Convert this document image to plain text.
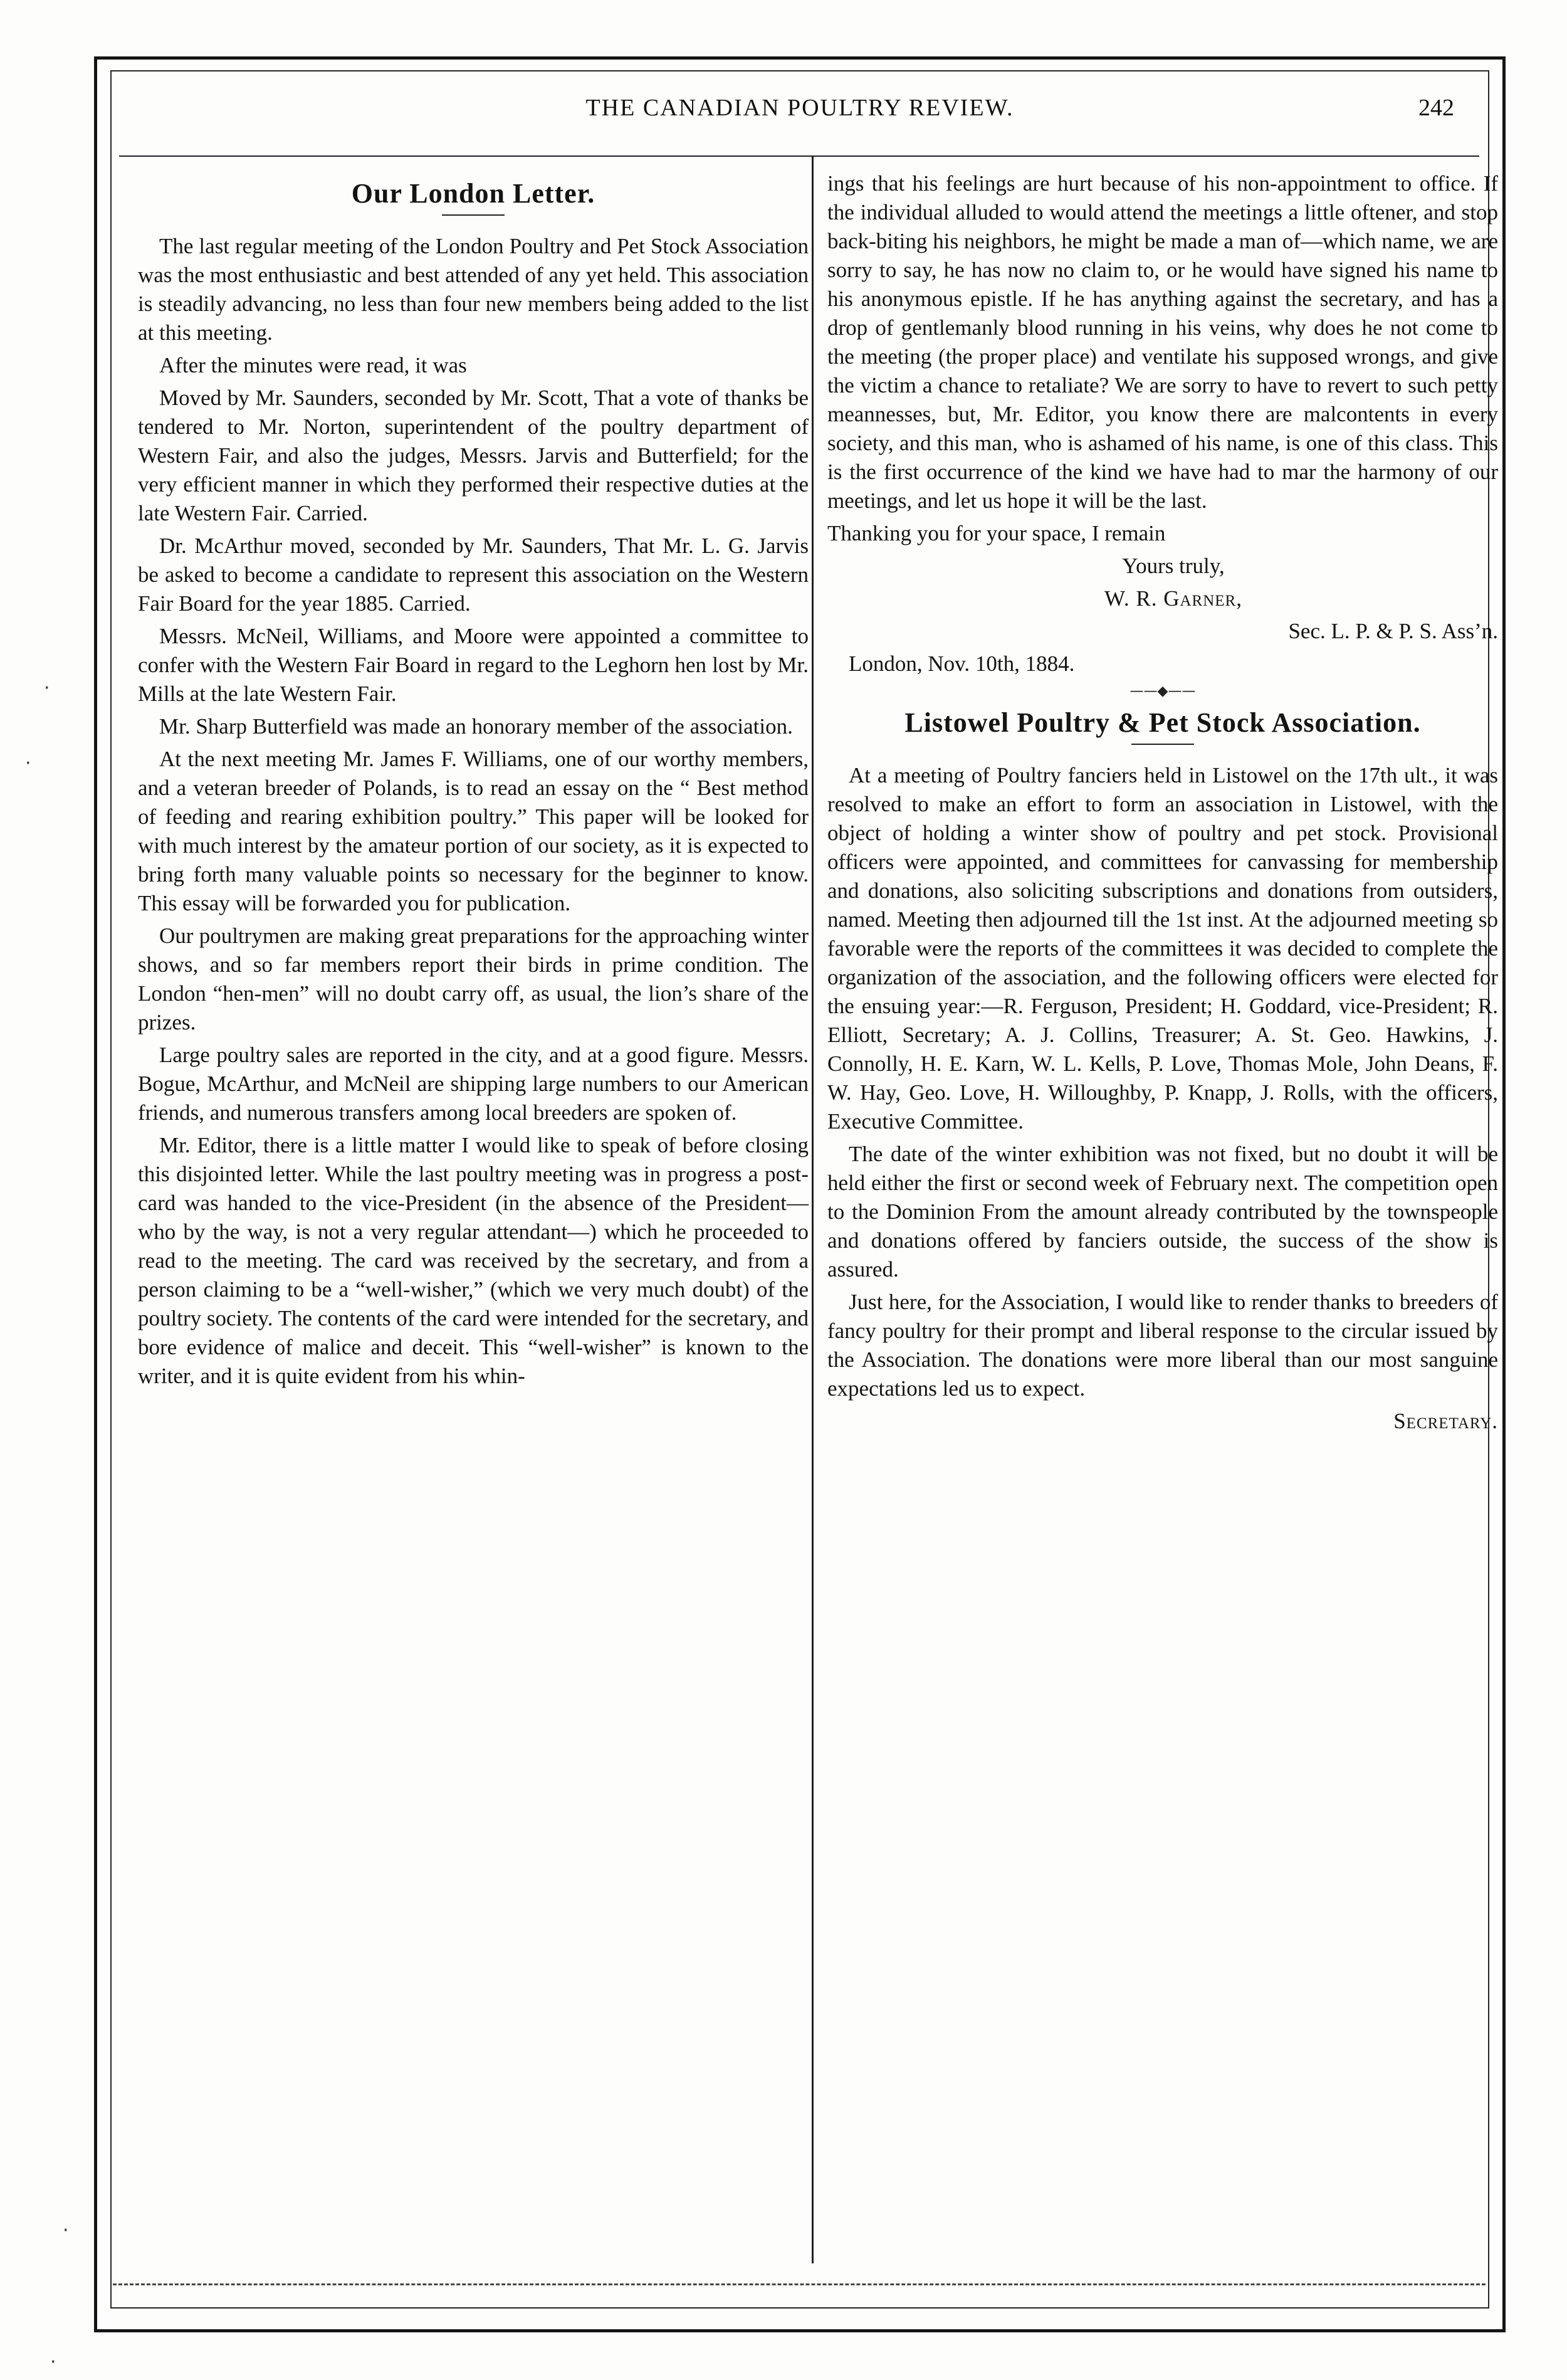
THE CANADIAN POULTRY REVIEW.	242
Our London Letter.

The last regular meeting of the London Poultry and Pet Stock Association was the most enthusiastic and best attended of any yet held. This association is steadily advancing, no less than four new members being added to the list at this meeting.

After the minutes were read, it was

Moved by Mr. Saunders, seconded by Mr. Scott, That a vote of thanks be tendered to Mr. Norton, superintendent of the poultry department of Western Fair, and also the judges, Messrs. Jarvis and Butterfield; for the very efficient manner in which they performed their respective duties at the late Western Fair. Carried.

Dr. McArthur moved, seconded by Mr. Saunders, That Mr. L. G. Jarvis be asked to become a candidate to represent this association on the Western Fair Board for the year 1885. Carried.

Messrs. McNeil, Williams, and Moore were appointed a committee to confer with the Western Fair Board in regard to the Leghorn hen lost by Mr. Mills at the late Western Fair.

Mr. Sharp Butterfield was made an honorary member of the association.

At the next meeting Mr. James F. Williams, one of our worthy members, and a veteran breeder of Polands, is to read an essay on the “ Best method of feeding and rearing exhibition poultry.” This paper will be looked for with much interest by the amateur portion of our society, as it is expected to bring forth many valuable points so necessary for the beginner to know. This essay will be forwarded you for publication.

Our poultrymen are making great preparations for the approaching winter shows, and so far members report their birds in prime condition. The London “hen-men” will no doubt carry off, as usual, the lion’s share of the prizes.

Large poultry sales are reported in the city, and at a good figure. Messrs. Bogue, McArthur, and McNeil are shipping large numbers to our American friends, and numerous transfers among local breeders are spoken of.

Mr. Editor, there is a little matter I would like to speak of before closing this disjointed letter. While the last poultry meeting was in progress a post-card was handed to the vice-President (in the absence of the President—who by the way, is not a very regular attendant—) which he proceeded to read to the meeting. The card was received by the secretary, and from a person claiming to be a “well-wisher,” (which we very much doubt) of the poultry society. The contents of the card were intended for the secretary, and bore evidence of malice and deceit. This “well-wisher” is known to the writer, and it is quite evident from his whin-

ings that his feelings are hurt because of his non-appointment to office. If the individual alluded to would attend the meetings a little oftener, and stop back-biting his neighbors, he might be made a man of—which name, we are sorry to say, he has now no claim to, or he would have signed his name to his anonymous epistle. If he has anything against the secretary, and has a drop of gentlemanly blood running in his veins, why does he not come to the meeting (the proper place) and ventilate his supposed wrongs, and give the victim a chance to retaliate? We are sorry to have to revert to such petty meannesses, but, Mr. Editor, you know there are malcontents in every society, and this man, who is ashamed of his name, is one of this class. This is the first occurrence of the kind we have had to mar the harmony of our meetings, and let us hope it will be the last.

Thanking you for your space, I remain

Yours truly,

W. R. Garner,

Sec. L. P. & P. S. Ass’n.

London, Nov. 10th, 1884.

——◆——
Listowel Poultry & Pet Stock Association.

At a meeting of Poultry fanciers held in Listowel on the 17th ult., it was resolved to make an effort to form an association in Listowel, with the object of holding a winter show of poultry and pet stock. Provisional officers were appointed, and committees for canvassing for membership and donations, also soliciting subscriptions and donations from outsiders, named. Meeting then adjourned till the 1st inst. At the adjourned meeting so favorable were the reports of the committees it was decided to complete the organization of the association, and the following officers were elected for the ensuing year:—R. Ferguson, President; H. Goddard, vice-President; R. Elliott, Secretary; A. J. Collins, Treasurer; A. St. Geo. Hawkins, J. Connolly, H. E. Karn, W. L. Kells, P. Love, Thomas Mole, John Deans, F. W. Hay, Geo. Love, H. Willoughby, P. Knapp, J. Rolls, with the officers, Executive Committee.

The date of the winter exhibition was not fixed, but no doubt it will be held either the first or second week of February next. The competition open to the Dominion From the amount already contributed by the townspeople and donations offered by fanciers outside, the success of the show is assured.

Just here, for the Association, I would like to render thanks to breeders of fancy poultry for their prompt and liberal response to the circular issued by the Association. The donations were more liberal than our most sanguine expectations led us to expect.

Secretary.

·
·
·
·
